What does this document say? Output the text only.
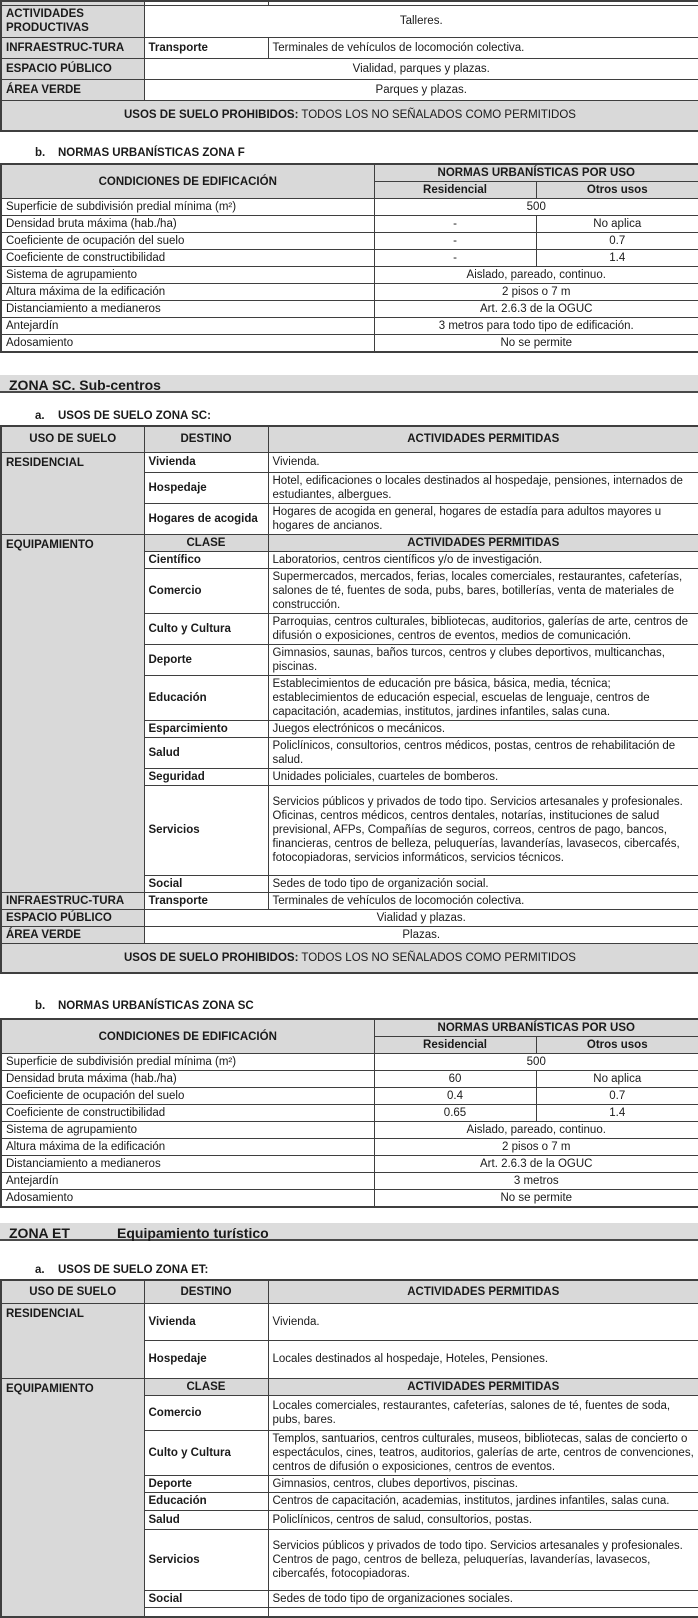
ACTIVIDADES PRODUCTIVAS	Talleres.	
INFRAESTRUC-TURA	Transporte	Terminales de vehículos de locomoción colectiva.
ESPACIO PÚBLICO	Vialidad, parques y plazas.	
ÁREA VERDE	Parques y plazas.	
USOS DE SUELO PROHIBIDOS: TODOS LOS NO SEÑALADOS COMO PERMITIDOS		
b. NORMAS URBANÍSTICAS ZONA F
CONDICIONES DE EDIFICACIÓN	NORMAS URBANÍSTICAS POR USO	
	Residencial	Otros usos
Superficie de subdivisión predial mínima (m²)	500	
Densidad bruta máxima (hab./ha)	-	No aplica
Coeficiente de ocupación del suelo	-	0.7
Coeficiente de constructibilidad	-	1.4
Sistema de agrupamiento	Aislado, pareado, continuo.	
Altura máxima de la edificación	2 pisos o 7 m	
Distanciamiento a medianeros	Art. 2.6.3 de la OGUC	
Antejardín	3 metros para todo tipo de edificación.	
Adosamiento	No se permite	
ZONA SC. Sub-centros
a. USOS DE SUELO ZONA SC:
USO DE SUELO	DESTINO	ACTIVIDADES PERMITIDAS
RESIDENCIAL	Vivienda	Vivienda.
	Hospedaje	Hotel, edificaciones o locales destinados al hospedaje, pensiones, internados de estudiantes, albergues.
	Hogares de acogida	Hogares de acogida en general, hogares de estadía para adultos mayores u hogares de ancianos.
EQUIPAMIENTO	CLASE	ACTIVIDADES PERMITIDAS
	Científico	Laboratorios, centros científicos y/o de investigación.
	Comercio	Supermercados, mercados, ferias, locales comerciales, restaurantes, cafeterías, salones de té, fuentes de soda, pubs, bares, botillerías, venta de materiales de construcción.
	Culto y Cultura	Parroquias, centros culturales, bibliotecas, auditorios, galerías de arte, centros de difusión o exposiciones, centros de eventos, medios de comunicación.
	Deporte	Gimnasios, saunas, baños turcos, centros y clubes deportivos, multicanchas, piscinas.
	Educación	Establecimientos de educación pre básica, básica, media, técnica; establecimientos de educación especial, escuelas de lenguaje, centros de capacitación, academias, institutos, jardines infantiles, salas cuna.
	Esparcimiento	Juegos electrónicos o mecánicos.
	Salud	Policlínicos, consultorios, centros médicos, postas, centros de rehabilitación de salud.
	Seguridad	Unidades policiales, cuarteles de bomberos.
	Servicios	Servicios públicos y privados de todo tipo. Servicios artesanales y profesionales. Oficinas, centros médicos, centros dentales, notarías, instituciones de salud previsional, AFPs, Compañías de seguros, correos, centros de pago, bancos, financieras, centros de belleza, peluquerías, lavanderías, lavasecos, cibercafés, fotocopiadoras, servicios informáticos, servicios técnicos.
	Social	Sedes de todo tipo de organización social.
INFRAESTRUC-TURA	Transporte	Terminales de vehículos de locomoción colectiva.
ESPACIO PÚBLICO	Vialidad y plazas.	
ÁREA VERDE	Plazas.	
USOS DE SUELO PROHIBIDOS: TODOS LOS NO SEÑALADOS COMO PERMITIDOS		
b. NORMAS URBANÍSTICAS ZONA SC
CONDICIONES DE EDIFICACIÓN	NORMAS URBANÍSTICAS POR USO	
	Residencial	Otros usos
Superficie de subdivisión predial mínima (m²)	500	
Densidad bruta máxima (hab./ha)	60	No aplica
Coeficiente de ocupación del suelo	0.4	0.7
Coeficiente de constructibilidad	0.65	1.4
Sistema de agrupamiento	Aislado, pareado, continuo.	
Altura máxima de la edificación	2 pisos o 7 m	
Distanciamiento a medianeros	Art. 2.6.3 de la OGUC	
Antejardín	3 metros	
Adosamiento	No se permite	
ZONA ET	Equipamiento turístico
a. USOS DE SUELO ZONA ET:
USO DE SUELO	DESTINO	ACTIVIDADES PERMITIDAS
RESIDENCIAL	Vivienda	Vivienda.
	Hospedaje	Locales destinados al hospedaje, Hoteles, Pensiones.
EQUIPAMIENTO	CLASE	ACTIVIDADES PERMITIDAS
	Comercio	Locales comerciales, restaurantes, cafeterías, salones de té, fuentes de soda, pubs, bares.
	Culto y Cultura	Templos, santuarios, centros culturales, museos, bibliotecas, salas de concierto o espectáculos, cines, teatros, auditorios, galerías de arte, centros de convenciones, centros de difusión o exposiciones, centros de eventos.
	Deporte	Gimnasios, centros, clubes deportivos, piscinas.
	Educación	Centros de capacitación, academias, institutos, jardines infantiles, salas cuna.
	Salud	Policlínicos, centros de salud, consultorios, postas.
	Servicios	Servicios públicos y privados de todo tipo. Servicios artesanales y profesionales. Centros de pago, centros de belleza, peluquerías, lavanderías, lavasecos, cibercafés, fotocopiadoras.
	Social	Sedes de todo tipo de organizaciones sociales.
